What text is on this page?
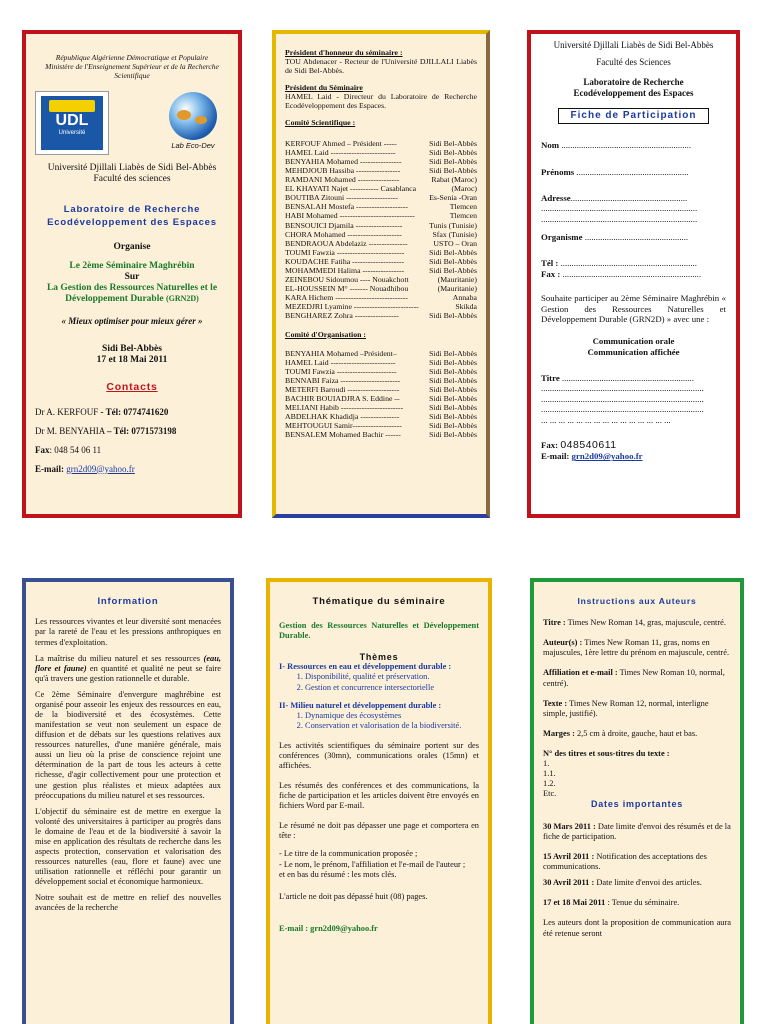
République Algérienne Démocratique et Populaire
Ministère de l'Enseignement Supérieur et de la Recherche Scientifique
UDL
Université
Lab Eco-Dev
Université Djillali Liabès de Sidi Bel-Abbès
Faculté des sciences
Laboratoire de Recherche Ecodéveloppement des Espaces
Organise
Le 2ème Séminaire Maghrébin
Sur
La Gestion des Ressources Naturelles et le Développement Durable (GRN2D)
« Mieux optimiser pour mieux gérer »
Sidi Bel-Abbès
17 et 18 Mai 2011
Contacts
Dr A. KERFOUF - Tél: 0774741620
Dr M. BENYAHIA – Tél: 0771573198
Fax: 048 54 06 11
E-mail: grn2d09@yahoo.fr
Président d'honneur du séminaire :
TOU Abdenacer - Recteur de l'Université DJILLALI Liabès de Sidi Bel-Abbès.
Président du Séminaire
HAMEL Laid - Directeur du Laboratoire de Recherche Ecodéveloppement des Espaces.
Comité Scientifique :
KERFOUF Ahmed – Président -----	Sidi Bel-Abbès
HAMEL Laid -------------------------	Sidi Bel-Abbès
BENYAHIA Mohamed ----------------	Sidi Bel-Abbès
MEHDJOUB Hassiba -----------------	Sidi Bel-Abbès
RAMDANI Mohamed ----------------	Rabat (Maroc)
EL KHAYATI Najet ----------- Casablanca	(Maroc)
BOUTIBA Zitouni --------------------	Es-Senia -Oran
BENSALAH Mostefa --------------------	Tlemcen
HABI Mohamed -----------------------------	Tlemcen
BENSOUICI Djamila ------------------	Tunis (Tunisie)
CHORA Mohamed ---------------------	Sfax (Tunisie)
BENDRAOUA Abdelaziz ---------------	USTO – Oran
TOUMI Fawzia --------------------------	Sidi Bel-Abbès
KOUDACHE Fatiha --------------------	Sidi Bel-Abbès
MOHAMMEDI Halima ----------------	Sidi Bel-Abbès
ZEINEBOU Sidoumou ---- Nouakchott	(Mauritanie)
EL-HOUSSEIN M° ------- Nouadhibou	(Mauritanie)
KARA Hichem ----------------------------	Annaba
MEZEDJRI Lyamine -------------------------	Skikda
BENGHAREZ Zohra -----------------	Sidi Bel-Abbès
Comité d'Organisation :
BENYAHIA Mohamed –Président–	Sidi Bel-Abbès
HAMEL Laid -------------------------	Sidi Bel-Abbès
TOUMI Fawzia -----------------------	Sidi Bel-Abbès
BENNABI Faiza -----------------------	Sidi Bel-Abbès
METERFI Baroudi --------------------	Sidi Bel-Abbès
BACHIR BOUIADJRA S. Eddine --	Sidi Bel-Abbès
MELIANI Habib ------------------------	Sidi Bel-Abbès
ABDELHAK Khadidja ---------------	Sidi Bel-Abbès
MEHTOUGUI Samir-------------------	Sidi Bel-Abbès
BENSALEM Mohamed Bachir ------	Sidi Bel-Abbès
Université Djillali Liabès de Sidi Bel-Abbès
Faculté des Sciences
Laboratoire de Recherche Ecodéveloppement des Espaces
Fiche de Participation
Nom ...........................................................
Prénoms ...................................................
Adresse.....................................................
.......................................................................
.......................................................................
Organisme ...............................................
Tél : ..............................................................
Fax : ...............................................................
Souhaite participer au 2ème Séminaire Maghrébin « Gestion des Ressources Naturelles et Développement Durable (GRN2D) » avec une :
Communication orale
Communication affichée
Titre ............................................................
..........................................................................
..........................................................................
..........................................................................
... ... ... ... ... ... ... ... ... ... ... ... ... ... ...
Fax: 048540611
E-mail: grn2d09@yahoo.fr
Information

Les ressources vivantes et leur diversité sont menacées par la rareté de l'eau et les pressions anthropiques en termes d'exploitation.

La maîtrise du milieu naturel et ses ressources (eau, flore et faune) en quantité et qualité ne peut se faire qu'à travers une gestion rationnelle et durable.

Ce 2ème Séminaire d'envergure maghrébine est organisé pour asseoir les enjeux des ressources en eau, de la biodiversité et des écosystèmes. Cette manifestation se veut non seulement un espace de diffusion et de débats sur les questions relatives aux ressources naturelles, d'une manière générale, mais aussi un lieu où la prise de conscience rejoint une détermination de la part de tous les acteurs à cette richesse, d'agir collectivement pour une protection et une gestion plus réalistes et mieux adaptées aux préoccupations du milieu naturel et ses ressources.

L'objectif du séminaire est de mettre en exergue la volonté des universitaires à participer au progrès dans le domaine de l'eau et de la biodiversité à savoir la mise en application des résultats de recherche dans les aspects protection, conservation et valorisation des ressources naturelles (eau, flore et faune) avec une utilisation rationnelle et réfléchi pour garantir un développement social et économique harmonieux.

Notre souhait est de mettre en relief des nouvelles avancées de la recherche

Thématique du séminaire

Gestion des Ressources Naturelles et Développement Durable.

Thèmes
I- Ressources en eau et développement durable :
1. Disponibilité, qualité et préservation.
2. Gestion et concurrence intersectorielle
II- Milieu naturel et développement durable :
1. Dynamique des écosystèmes
2. Conservation et valorisation de la biodiversité.

Les activités scientifiques du séminaire portent sur des conférences (30mn), communications orales (15mn) et affichées.

Les résumés des conférences et des communications, la fiche de participation et les articles doivent être envoyés en fichiers Word par E-mail.

Le résumé ne doit pas dépasser une page et comportera en tête :

- Le titre de la communication proposée ;
- Le nom, le prénom, l'affiliation et l'e-mail de l'auteur ;
et en bas du résumé : les mots clés.

L'article ne doit pas dépassé huit (08) pages.

E-mail : grn2d09@yahoo.fr

Instructions aux Auteurs

Titre : Times New Roman 14, gras, majuscule, centré.

Auteur(s) : Times New Roman 11, gras, noms en majuscules, 1ère lettre du prénom en majuscule, centré.

Affiliation et e-mail : Times New Roman 10, normal, centré).

Texte : Times New Roman 12, normal, interligne simple, justifié).

Marges : 2,5 cm à droite, gauche, haut et bas.

N° des titres et sous-titres du texte :
1.
1.1.
1.2.
Etc.
Dates importantes

30 Mars 2011 : Date limite d'envoi des résumés et de la fiche de participation.

15 Avril 2011 : Notification des acceptations des communications.

30 Avril 2011 : Date limite d'envoi des articles.

17 et 18 Mai 2011 : Tenue du séminaire.

Les auteurs dont la proposition de communication aura été retenue seront
